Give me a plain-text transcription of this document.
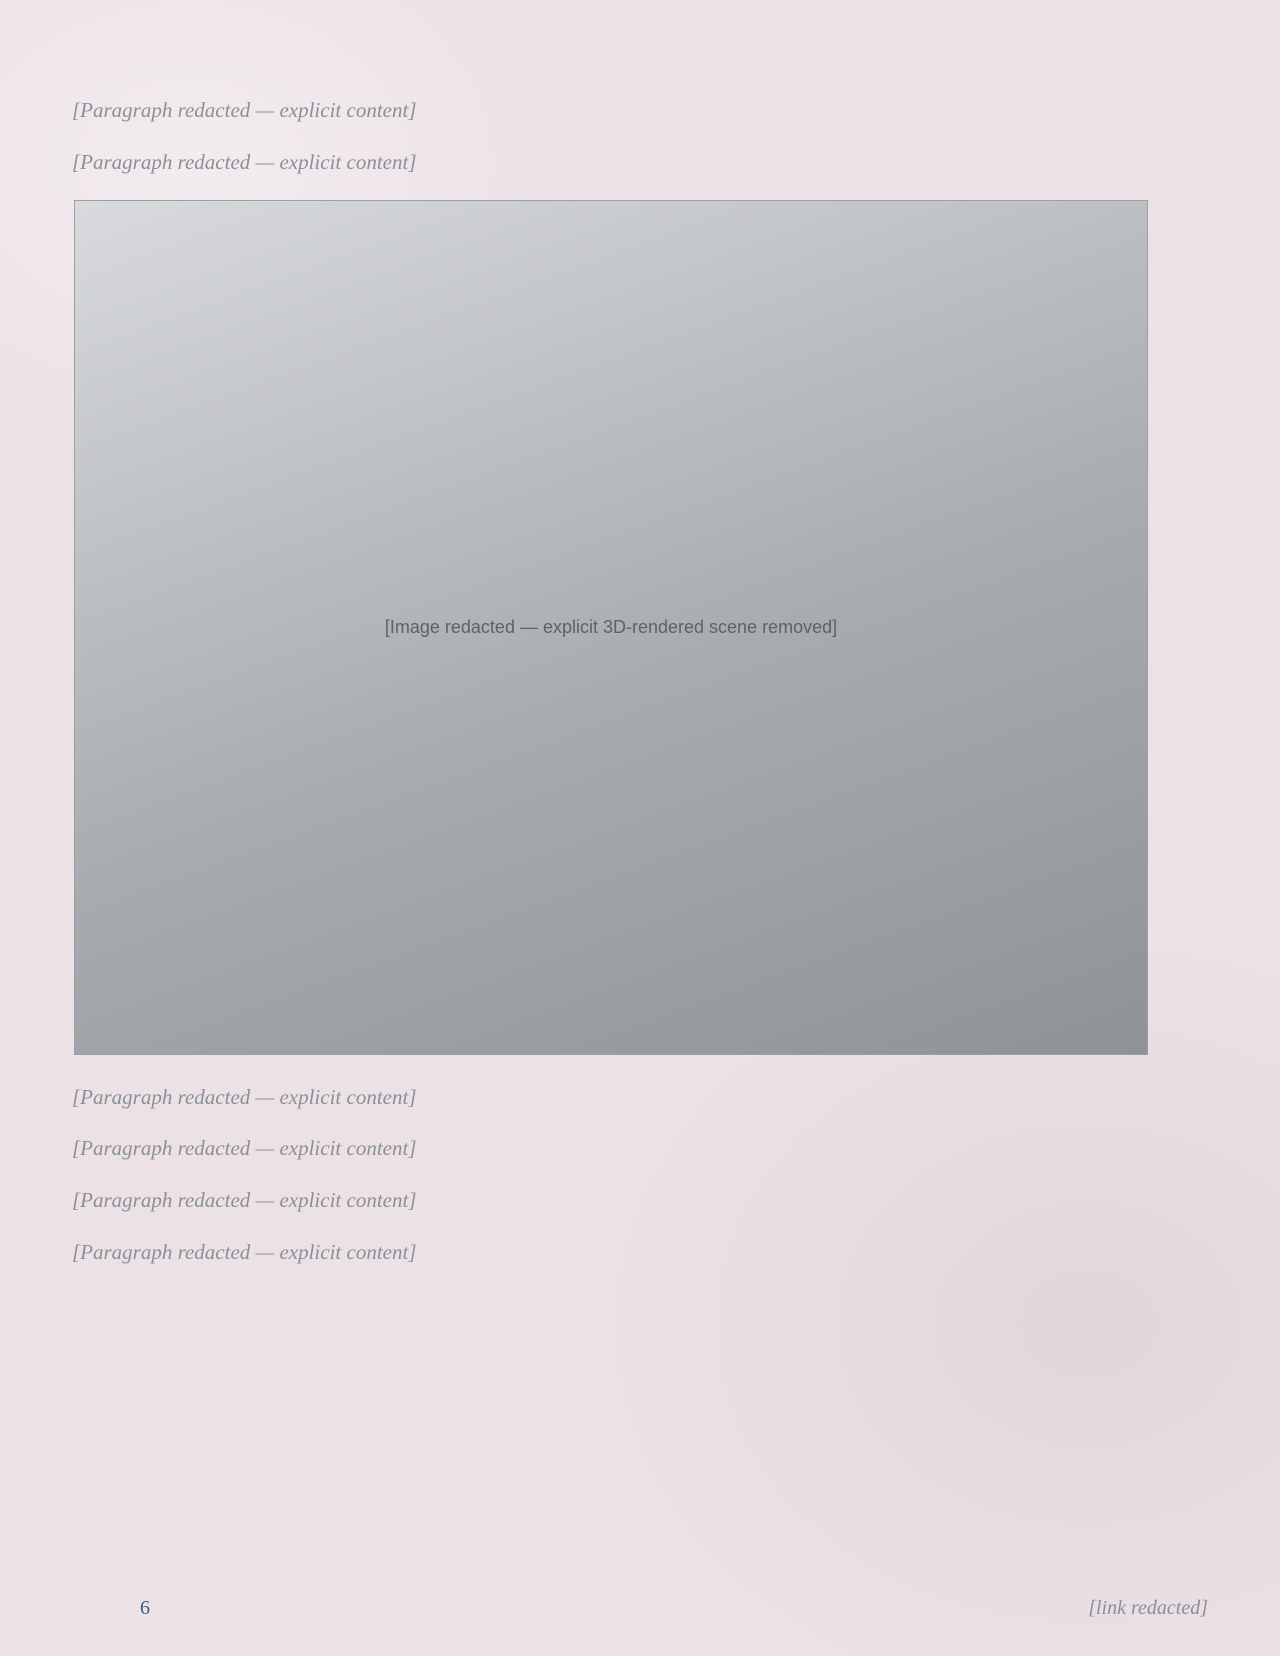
[Paragraph redacted — explicit content]

[Paragraph redacted — explicit content]

[Image redacted — explicit 3D-rendered scene removed]

[Paragraph redacted — explicit content]

[Paragraph redacted — explicit content]

[Paragraph redacted — explicit content]

[Paragraph redacted — explicit content]

6	[link redacted]
